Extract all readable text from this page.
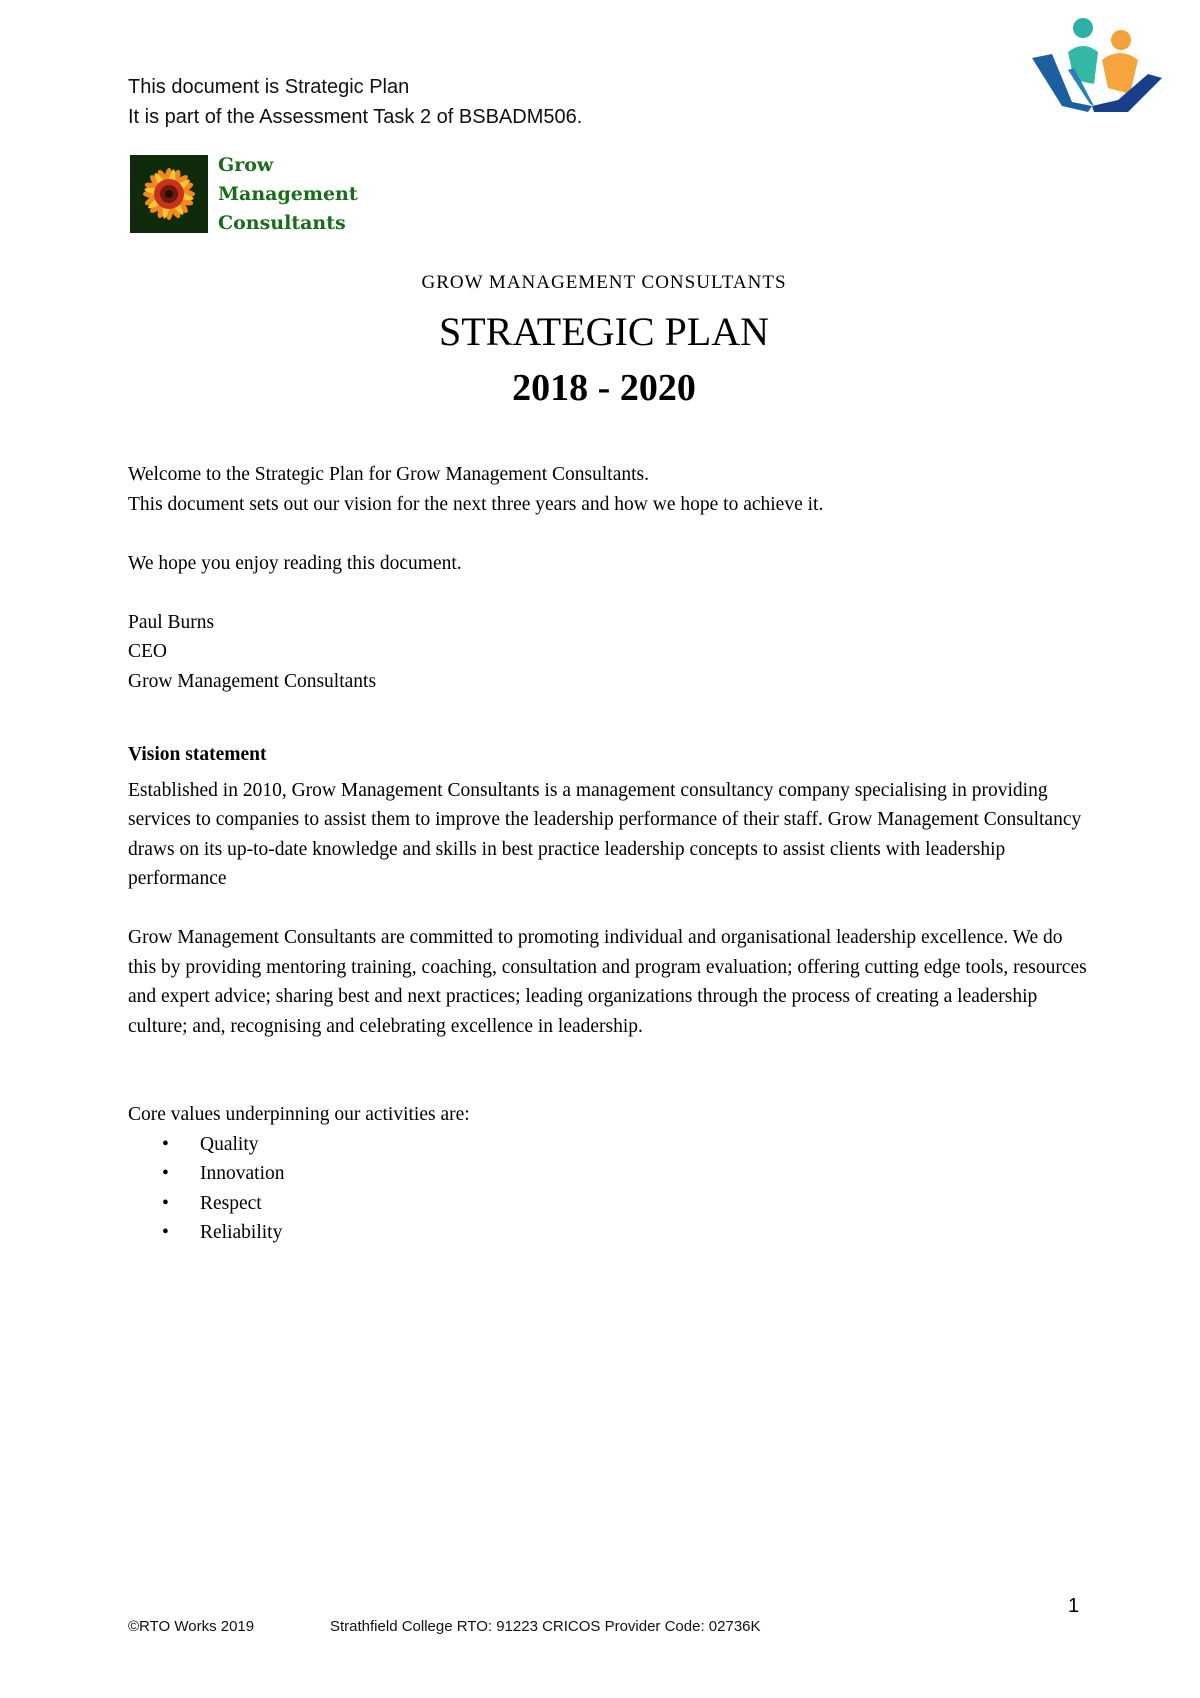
This document is Strategic Plan
It is part of the Assessment Task 2 of BSBADM506.
Grow
Management
Consultants
GROW MANAGEMENT CONSULTANTS
STRATEGIC PLAN
2018 - 2020

Welcome to the Strategic Plan for Grow Management Consultants.

This document sets out our vision for the next three years and how we hope to achieve it.

We hope you enjoy reading this document.

Paul Burns

CEO

Grow Management Consultants

Vision statement

Established in 2010, Grow Management Consultants is a management consultancy company specialising in providing services to companies to assist them to improve the leadership performance of their staff. Grow Management Consultancy draws on its up-to-date knowledge and skills in best practice leadership concepts to assist clients with leadership performance

Grow Management Consultants are committed to promoting individual and organisational leadership excellence. We do this by providing mentoring training, coaching, consultation and program evaluation; offering cutting edge tools, resources and expert advice; sharing best and next practices; leading organizations through the process of creating a leadership culture; and, recognising and celebrating excellence in leadership.

Core values underpinning our activities are:

• Quality
• Innovation
• Respect
• Reliability
1
©RTO Works 2019	Strathfield College RTO: 91223 CRICOS Provider Code: 02736K
